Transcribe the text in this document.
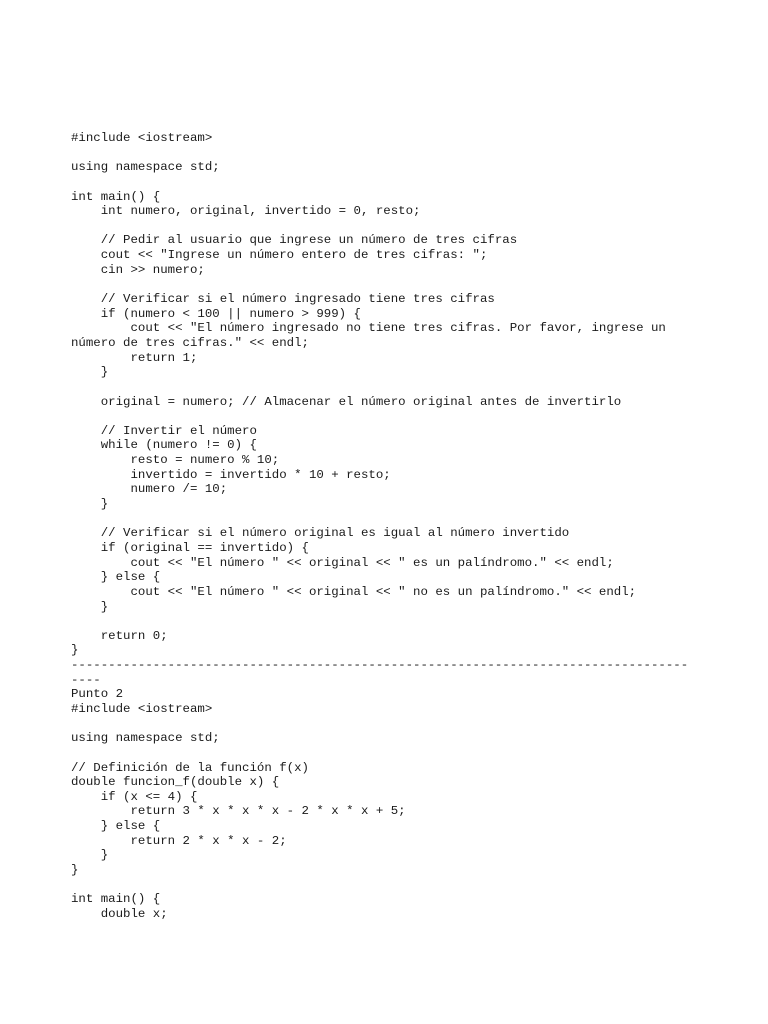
#include <iostream>
using namespace std;
int main() {
int numero, original, invertido = 0, resto;
// Pedir al usuario que ingrese un número de tres cifras
cout << "Ingrese un número entero de tres cifras: ";
cin >> numero;
// Verificar si el número ingresado tiene tres cifras
if (numero < 100 || numero > 999) {
cout << "El número ingresado no tiene tres cifras. Por favor, ingrese un
número de tres cifras." << endl;
return 1;
}
original = numero; // Almacenar el número original antes de invertirlo
// Invertir el número
while (numero != 0) {
resto = numero % 10;
invertido = invertido * 10 + resto;
numero /= 10;
}
// Verificar si el número original es igual al número invertido
if (original == invertido) {
cout << "El número " << original << " es un palíndromo." << endl;
} else {
cout << "El número " << original << " no es un palíndromo." << endl;
}
return 0;
}
-----------------------------------------------------------------------------------
----
Punto 2
#include <iostream>
using namespace std;
// Definición de la función f(x)
double funcion_f(double x) {
if (x <= 4) {
return 3 * x * x * x - 2 * x * x + 5;
} else {
return 2 * x * x - 2;
}
}
int main() {
double x;
